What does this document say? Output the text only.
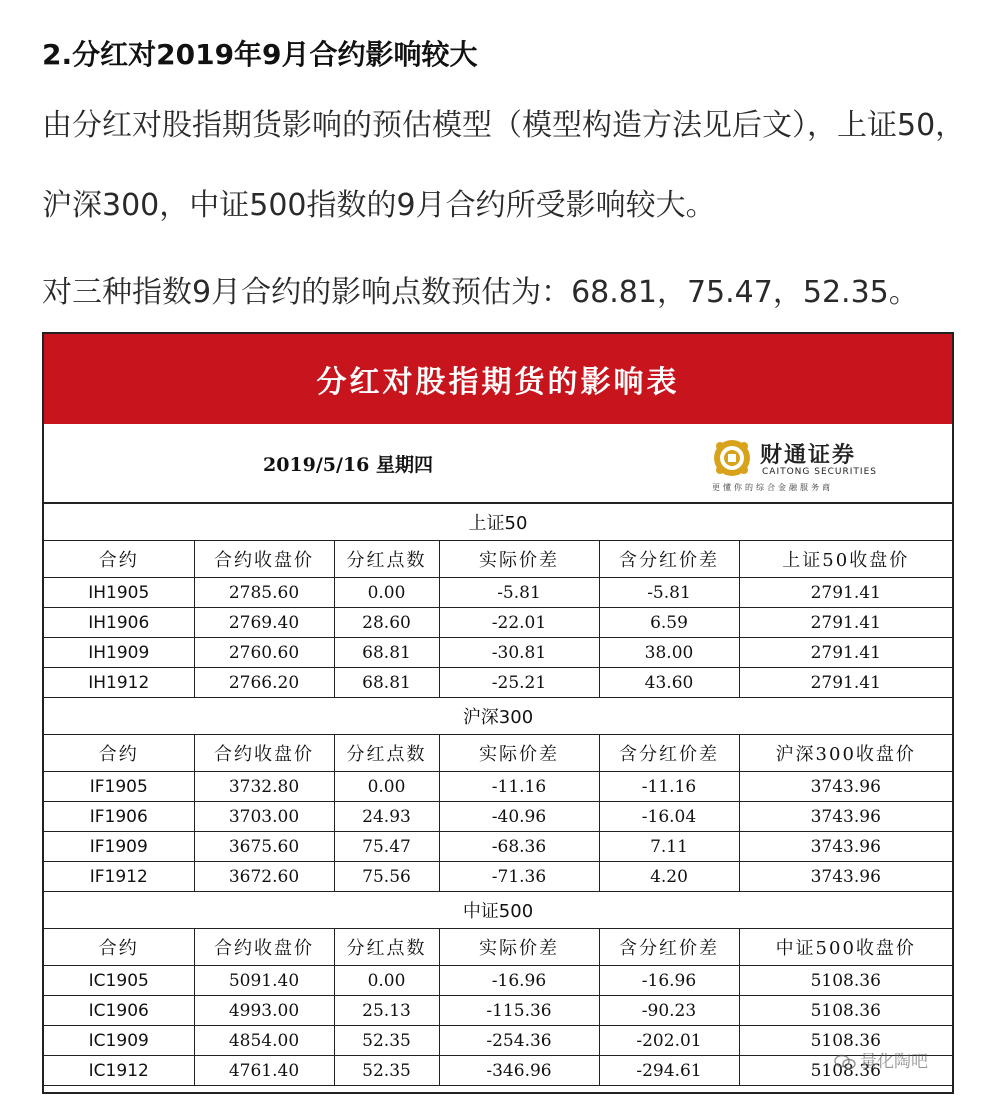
2.分红对2019年9月合约影响较大
由分红对股指期货影响的预估模型（模型构造方法见后文），上证50，沪深300，中证500指数的9月合约所受影响较大。
对三种指数9月合约的影响点数预估为：68.81，75.47，52.35。
分红对股指期货的影响表
2019/5/16 星期四	财通证券
CAITONG SECURITIES
更懂你的综合金融服务商
上证50					
合约	合约收盘价	分红点数	实际价差	含分红价差	上证50收盘价
IH1905	2785.60	0.00	-5.81	-5.81	2791.41
IH1906	2769.40	28.60	-22.01	6.59	2791.41
IH1909	2760.60	68.81	-30.81	38.00	2791.41
IH1912	2766.20	68.81	-25.21	43.60	2791.41
沪深300					
合约	合约收盘价	分红点数	实际价差	含分红价差	沪深300收盘价
IF1905	3732.80	0.00	-11.16	-11.16	3743.96
IF1906	3703.00	24.93	-40.96	-16.04	3743.96
IF1909	3675.60	75.47	-68.36	7.11	3743.96
IF1912	3672.60	75.56	-71.36	4.20	3743.96
中证500					
合约	合约收盘价	分红点数	实际价差	含分红价差	中证500收盘价
IC1905	5091.40	0.00	-16.96	-16.96	5108.36
IC1906	4993.00	25.13	-115.36	-90.23	5108.36
IC1909	4854.00	52.35	-254.36	-202.01	5108.36
IC1912	4761.40	52.35	-346.96	-294.61	5108.36
量化陶吧
